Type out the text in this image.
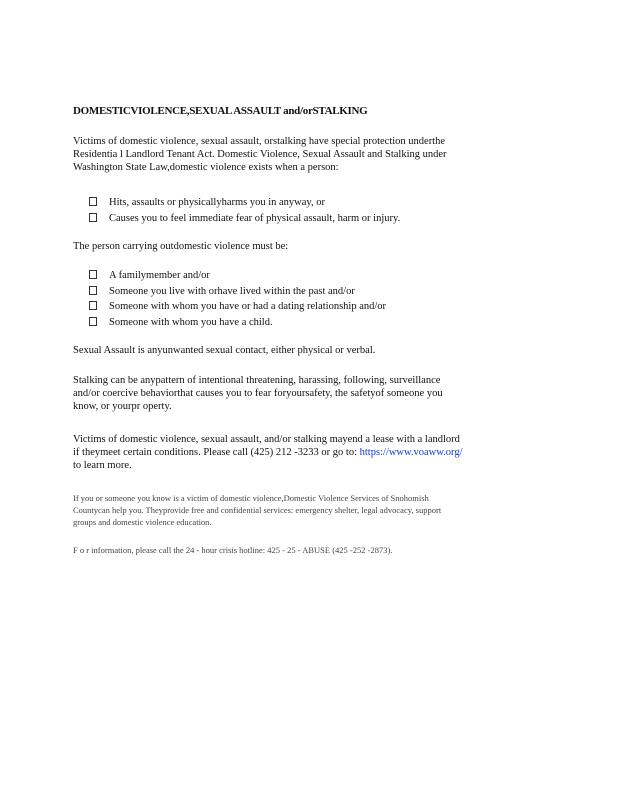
DOMESTICVIOLENCE,SEXUAL ASSAULT and/orSTALKING
Victims of domestic violence, sexual assault, orstalking have special protection underthe
Residentia l Landlord Tenant Act. Domestic Violence, Sexual Assault and Stalking under
Washington State Law,domestic violence exists when a person:
Hits, assaults or physicallyharms you in anyway, or
Causes you to feel immediate fear of physical assault, harm or injury.
The person carrying outdomestic violence must be:
A familymember and/or
Someone you live with orhave lived within the past and/or
Someone with whom you have or had a dating relationship and/or
Someone with whom you have a child.
Sexual Assault is anyunwanted sexual contact, either physical or verbal.
Stalking can be anypattern of intentional threatening, harassing, following, surveillance
and/or coercive behaviorthat causes you to fear foryoursafety, the safetyof someone you
know, or yourpr operty.
Victims of domestic violence, sexual assault, and/or stalking mayend a lease with a landlord
if theymeet certain conditions. Please call (425) 212 -3233 or go to: https://www.voaww.org/
to learn more.
If you or someone you know is a victim of domestic violence,Domestic Violence Services of Snohomish
Countycan help you. Theyprovide free and confidential services: emergency shelter, legal advocacy, support
groups and domestic violence education.
F o r information, please call the 24 - hour crisis hotline: 425 - 25 - ABUSE (425 -252 -2873).
